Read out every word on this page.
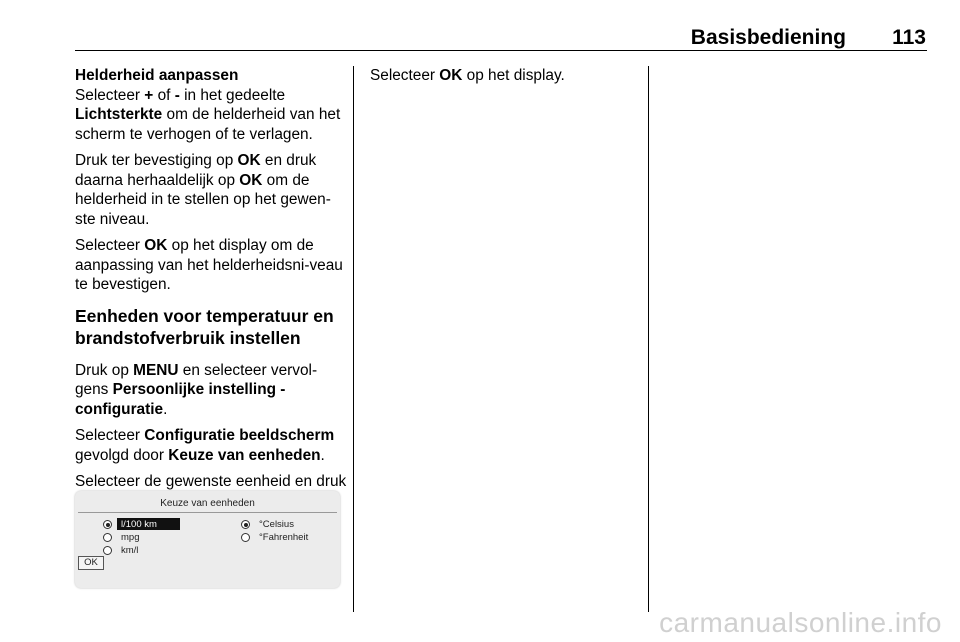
Basisbediening	113
Helderheid aanpassen

Selecteer + of - in het gedeelte Lichtsterkte om de helderheid van het scherm te verhogen of te verlagen.

Druk ter bevestiging op OK en druk daarna herhaaldelijk op OK om de helderheid in te stellen op het gewen-ste niveau.

Selecteer OK op het display om de aanpassing van het helderheidsni-veau te bevestigen.

Eenheden voor temperatuur en brandstofverbruik instellen

Druk op MENU en selecteer vervol-gens Persoonlijke instelling - configuratie.

Selecteer Configuratie beeldscherm gevolgd door Keuze van eenheden.

Selecteer de gewenste eenheid en druk

Keuze van eenheden
l/100 km
mpg
km/l
°Celsius
°Fahrenheit
OK

Selecteer OK op het display.

carmanualsonline.info
